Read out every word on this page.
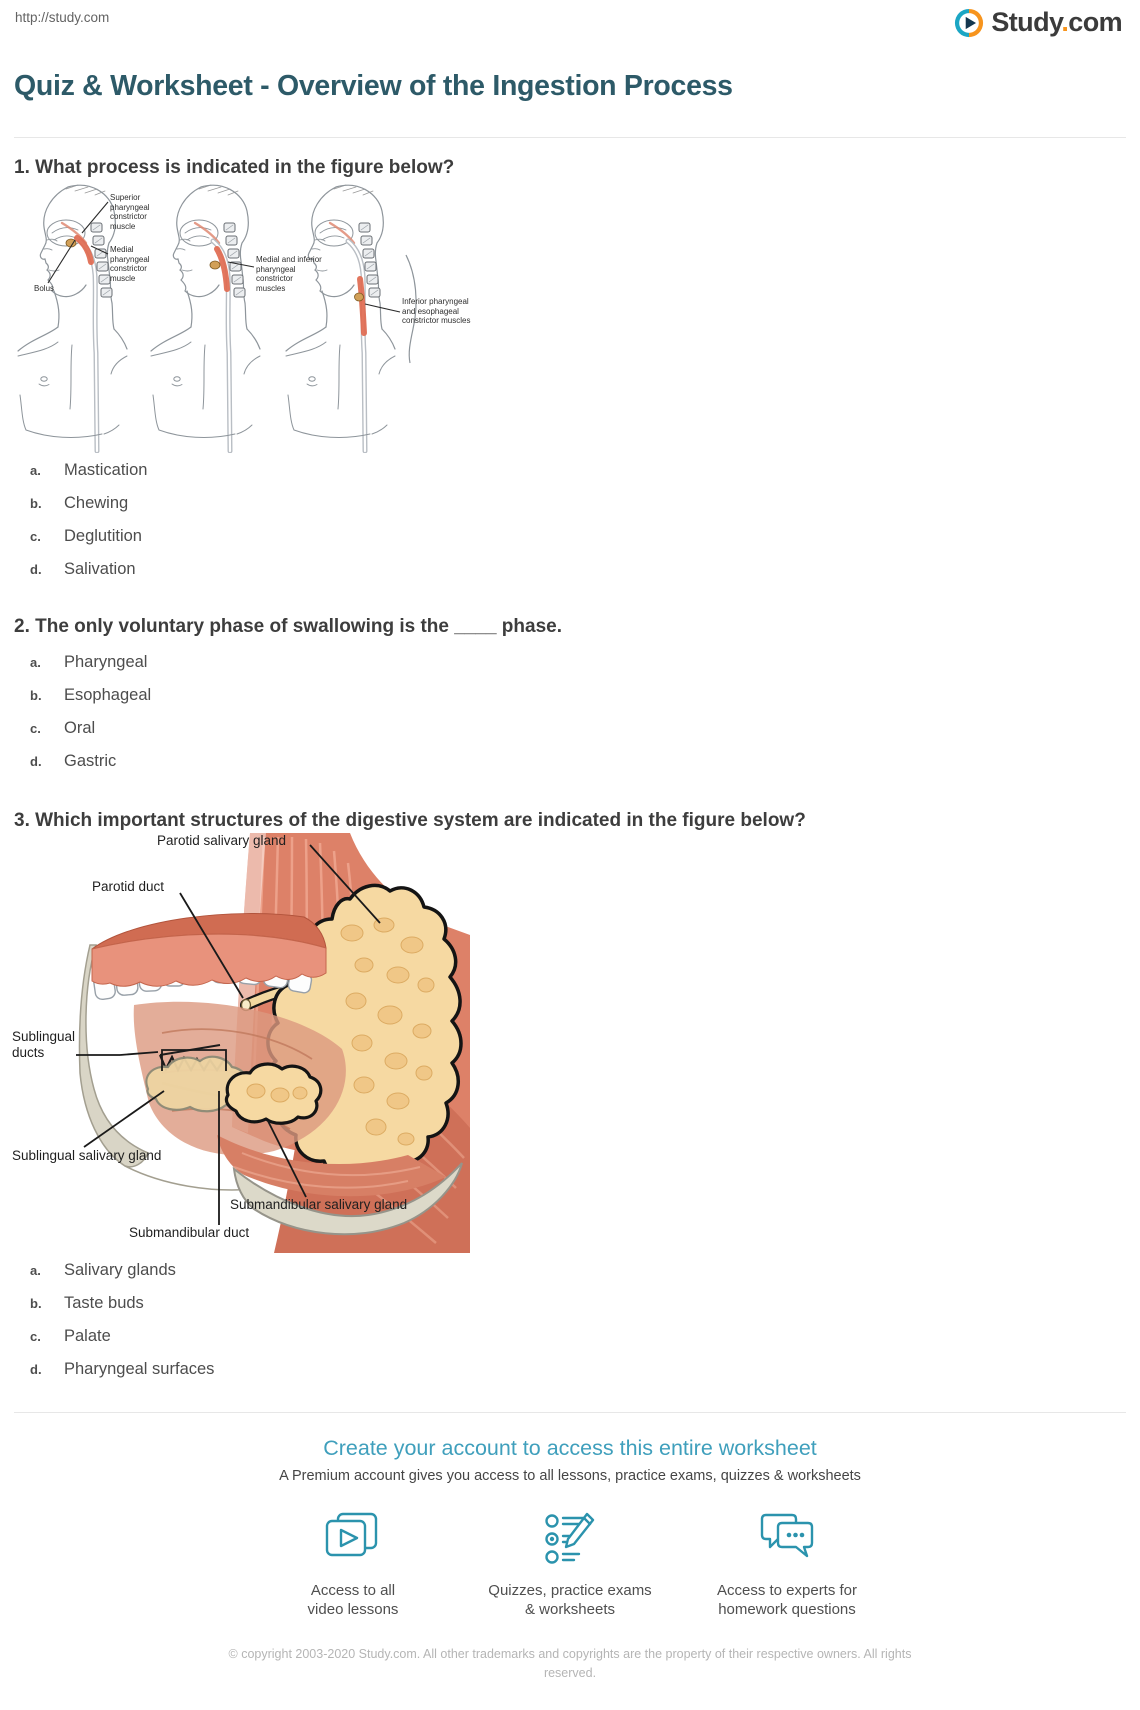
http://study.com	Study.com
Quiz & Worksheet - Overview of the Ingestion Process
1. What process is indicated in the figure below?
Superior pharyngeal constrictor muscle
Medial pharyngeal constrictor muscle
Bolus
Medial and inferior pharyngeal constrictor muscles
Inferior pharyngeal and esophageal constrictor muscles
a.	Mastication
b.	Chewing
c.	Deglutition
d.	Salivation
2. The only voluntary phase of swallowing is the ____ phase.
a.	Pharyngeal
b.	Esophageal
c.	Oral
d.	Gastric
3. Which important structures of the digestive system are indicated in the figure below?
Parotid salivary gland
Parotid duct
Sublingual ducts
Sublingual salivary gland
Submandibular salivary gland
Submandibular duct
a.	Salivary glands
b.	Taste buds
c.	Palate
d.	Pharyngeal surfaces
Create your account to access this entire worksheet
A Premium account gives you access to all lessons, practice exams, quizzes & worksheets
Access to all
video lessons
Quizzes, practice exams
& worksheets
Access to experts for
homework questions
© copyright 2003-2020 Study.com. All other trademarks and copyrights are the property of their respective owners. All rights reserved.
